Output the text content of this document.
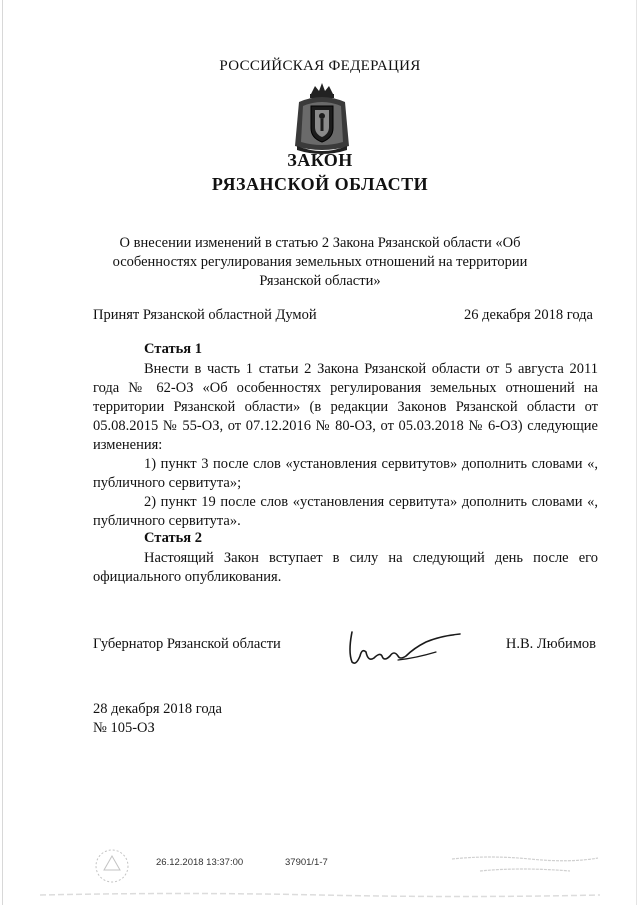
РОССИЙСКАЯ ФЕДЕРАЦИЯ
ЗАКОН
РЯЗАНСКОЙ ОБЛАСТИ
О внесении изменений в статью 2 Закона Рязанской области «Об особенностях регулирования земельных отношений на территории Рязанской области»
Принят Рязанской областной Думой	26 декабря 2018 года
Статья 1

Внести в часть 1 статьи 2 Закона Рязанской области от 5 августа 2011 года № 62-ОЗ «Об особенностях регулирования земельных отношений на территории Рязанской области» (в редакции Законов Рязанской области от 05.08.2015 № 55-ОЗ, от 07.12.2016 № 80-ОЗ, от 05.03.2018 № 6-ОЗ) следующие изменения:

1) пункт 3 после слов «установления сервитутов» дополнить словами «, публичного сервитута»;

2) пункт 19 после слов «установления сервитута» дополнить словами «, публичного сервитута».

Статья 2

Настоящий Закон вступает в силу на следующий день после его официального опубликования.

Губернатор Рязанской области	Н.В. Любимов
28 декабря 2018 года
№ 105-ОЗ
26.12.2018 13:37:00	37901/1-7
